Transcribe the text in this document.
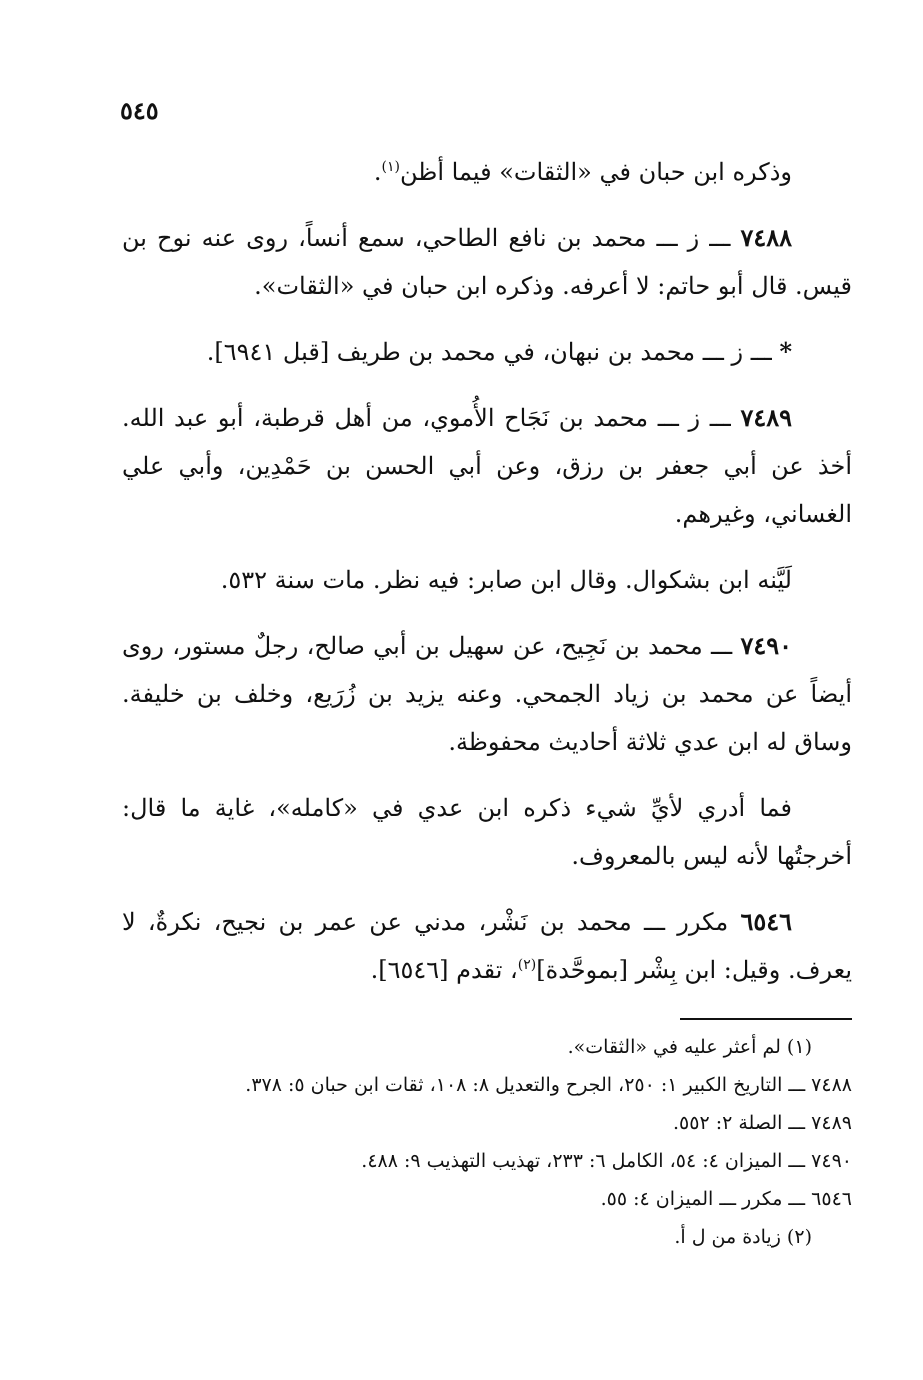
٥٤٥

وذكره ابن حبان في «الثقات» فيما أظن$^{(١)}$.

٧٤٨٨ ـــ ز ـــ محمد بن نافع الطاحي، سمع أنساً، روى عنه نوح بن قيس. قال أبو حاتم: لا أعرفه. وذكره ابن حبان في «الثقات».

* ـــ ز ـــ محمد بن نبهان، في محمد بن طريف [قبل ٦٩٤١].

٧٤٨٩ ـــ ز ـــ محمد بن نَجَاح الأُموي، من أهل قرطبة، أبو عبد الله. أخذ عن أبي جعفر بن رزق، وعن أبي الحسن بن حَمْدِين، وأبي علي الغساني، وغيرهم.

لَيَّنه ابن بشكوال. وقال ابن صابر: فيه نظر. مات سنة ٥٣٢.

٧٤٩٠ ـــ محمد بن نَجِيح، عن سهيل بن أبي صالح، رجلٌ مستور، روى أيضاً عن محمد بن زياد الجمحي. وعنه يزيد بن زُرَيع، وخلف بن خليفة. وساق له ابن عدي ثلاثة أحاديث محفوظة.

فما أدري لأيِّ شيء ذكره ابن عدي في «كامله»، غاية ما قال: أخرجتُها لأنه ليس بالمعروف.

٦٥٤٦ مكرر ـــ محمد بن نَشْر، مدني عن عمر بن نجيح، نكرةٌ، لا يعرف. وقيل: ابن بِشْر [بموحَّدة]$^{(٢)}$، تقدم [٦٥٤٦].

(١) لم أعثر عليه في «الثقات».

٧٤٨٨ ـــ التاريخ الكبير ١: ٢٥٠، الجرح والتعديل ٨: ١٠٨، ثقات ابن حبان ٥: ٣٧٨.

٧٤٨٩ ـــ الصلة ٢: ٥٥٢.

٧٤٩٠ ـــ الميزان ٤: ٥٤، الكامل ٦: ٢٣٣، تهذيب التهذيب ٩: ٤٨٨.

٦٥٤٦ ـــ مكرر ـــ الميزان ٤: ٥٥.

(٢) زيادة من ل أ.
